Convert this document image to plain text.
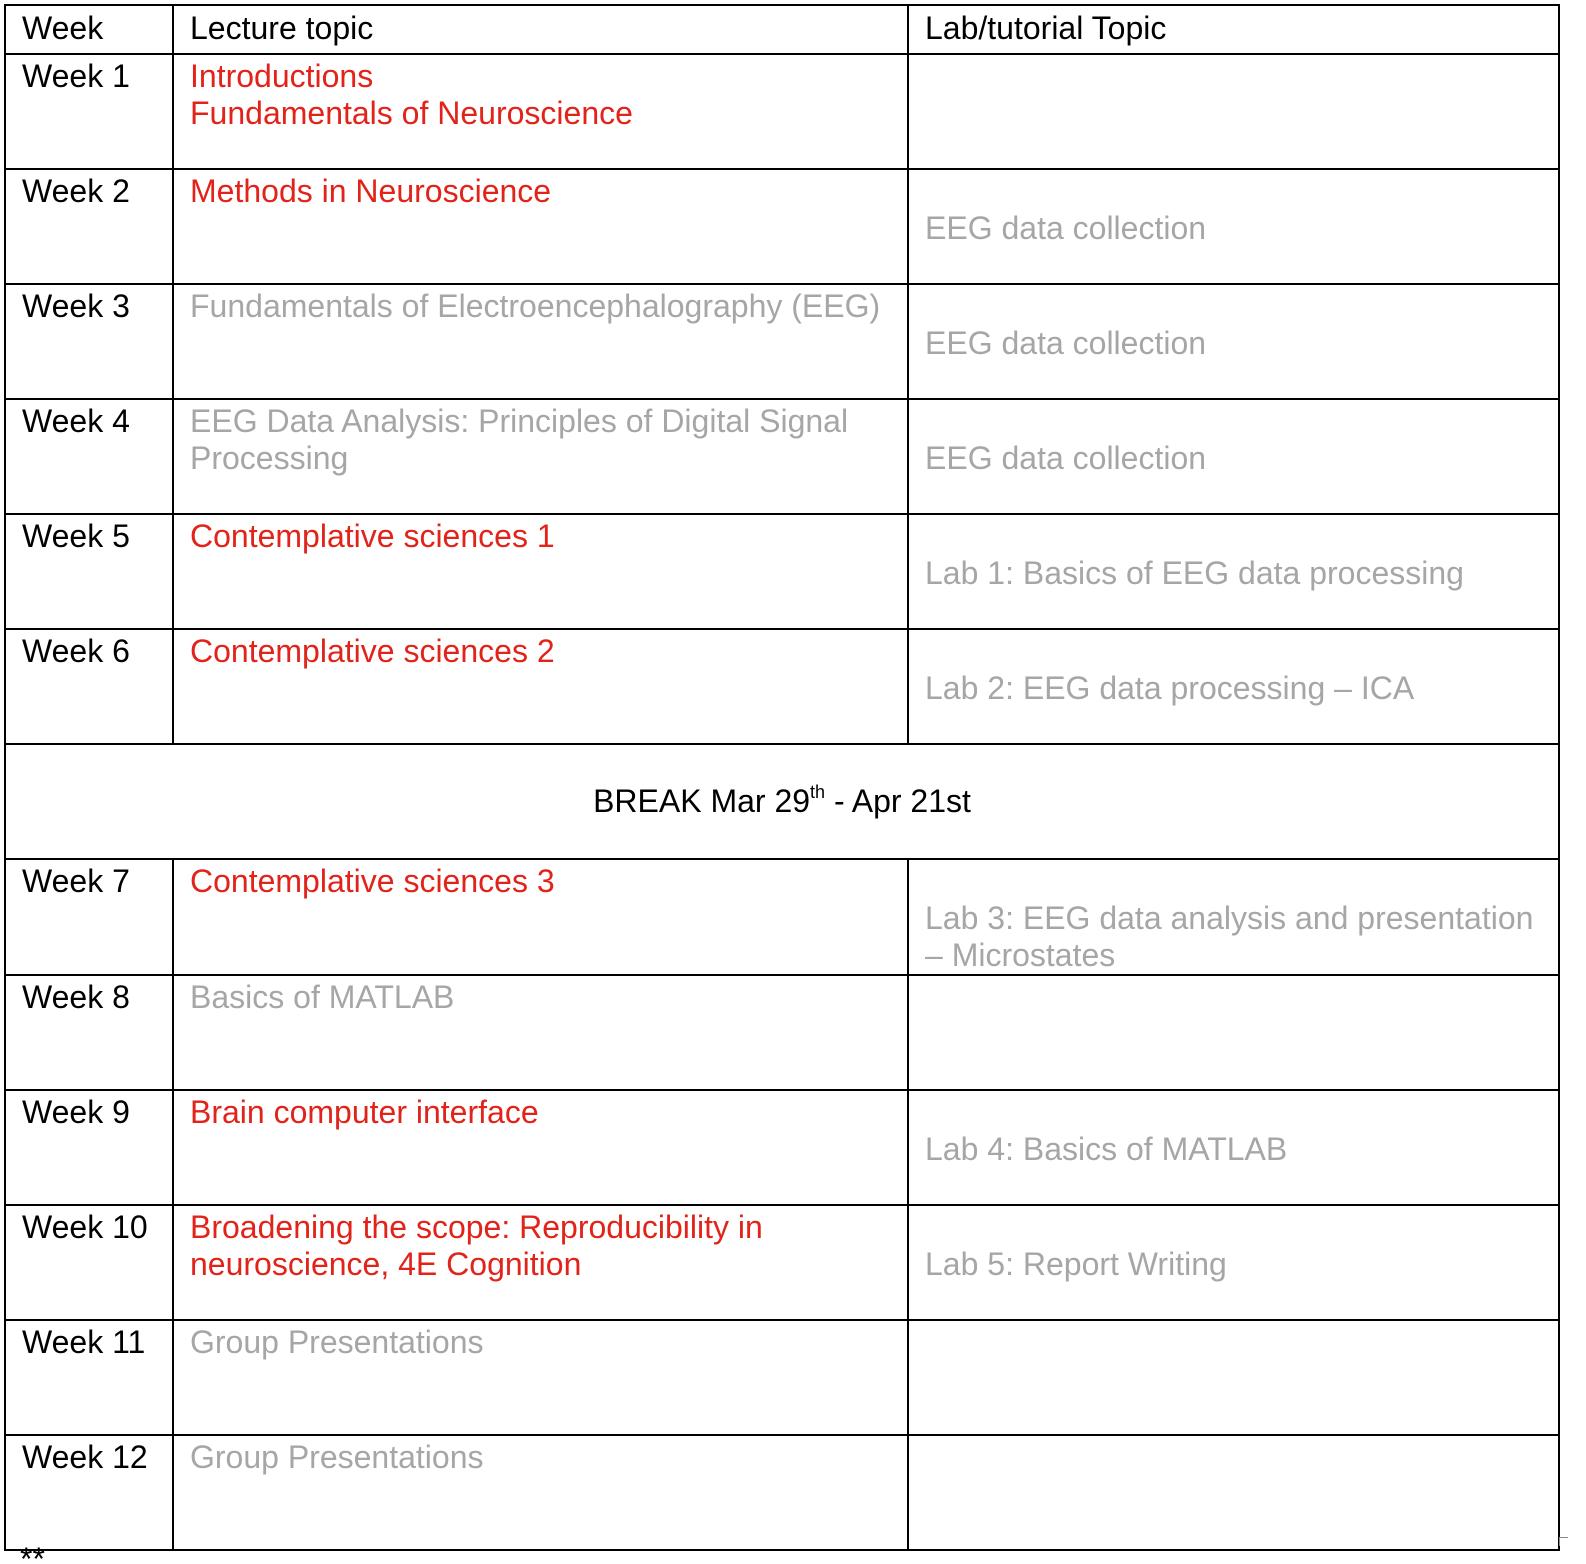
Week	Lecture topic	Lab/tutorial Topic
Week 1	Introductions
Fundamentals of Neuroscience	

Week 2	Methods in Neuroscience	EEG data collection

Week 3	Fundamentals of Electroencephalography (EEG)	EEG data collection

Week 4	EEG Data Analysis: Principles of Digital Signal Processing	EEG data collection

Week 5	Contemplative sciences 1	Lab 1: Basics of EEG data processing

Week 6	Contemplative sciences 2	Lab 2: EEG data processing – ICA

BREAK Mar 29th - Apr 21st		
Week 7	Contemplative sciences 3	Lab 3: EEG data analysis and presentation – Microstates

Week 8	Basics of MATLAB	

Week 9	Brain computer interface	Lab 4: Basics of MATLAB

Week 10	Broadening the scope: Reproducibility in neuroscience, 4E Cognition	Lab 5: Report Writing

Week 11	Group Presentations	

Week 12	Group Presentations	

**
